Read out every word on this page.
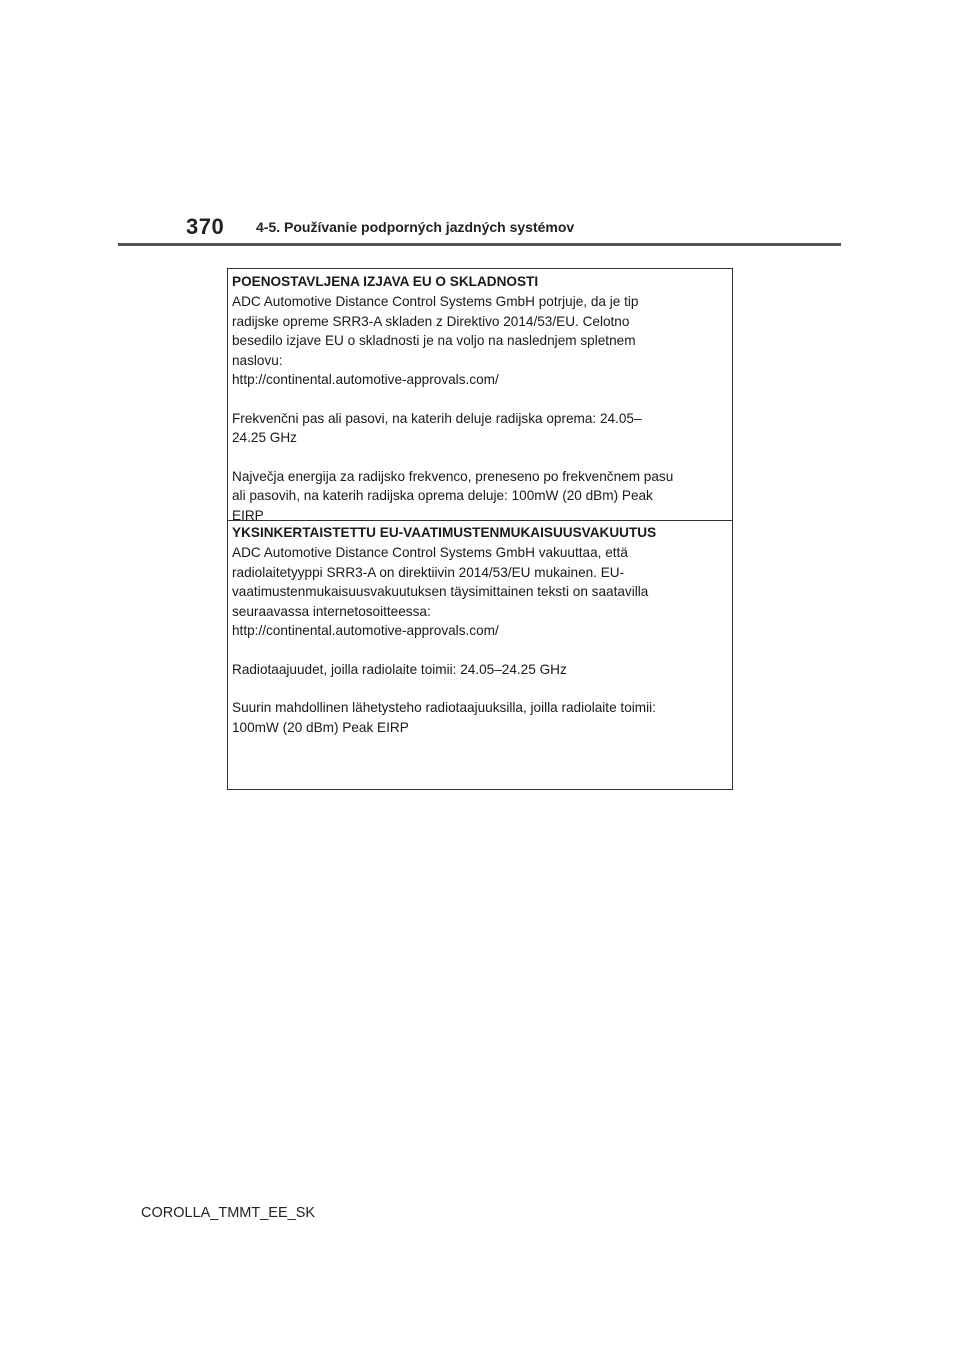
370 4-5. Používanie podporných jazdných systémov

POENOSTAVLJENA IZJAVA EU O SKLADNOSTI

ADC Automotive Distance Control Systems GmbH potrjuje, da je tip
radijske opreme SRR3-A skladen z Direktivo 2014/53/EU. Celotno
besedilo izjave EU o skladnosti je na voljo na naslednjem spletnem
naslovu:
http://continental.automotive-approvals.com/

Frekvenčni pas ali pasovi, na katerih deluje radijska oprema: 24.05–
24.25 GHz

Največja energija za radijsko frekvenco, preneseno po frekvenčnem pasu
ali pasovih, na katerih radijska oprema deluje: 100mW (20 dBm) Peak
EIRP

YKSINKERTAISTETTU EU-VAATIMUSTENMUKAISUUSVAKUUTUS

ADC Automotive Distance Control Systems GmbH vakuuttaa, että
radiolaitetyyppi SRR3-A on direktiivin 2014/53/EU mukainen. EU-
vaatimustenmukaisuusvakuutuksen täysimittainen teksti on saatavilla
seuraavassa internetosoitteessa:
http://continental.automotive-approvals.com/

Radiotaajuudet, joilla radiolaite toimii: 24.05–24.25 GHz

Suurin mahdollinen lähetysteho radiotaajuuksilla, joilla radiolaite toimii:
100mW (20 dBm) Peak EIRP

COROLLA_TMMT_EE_SK
